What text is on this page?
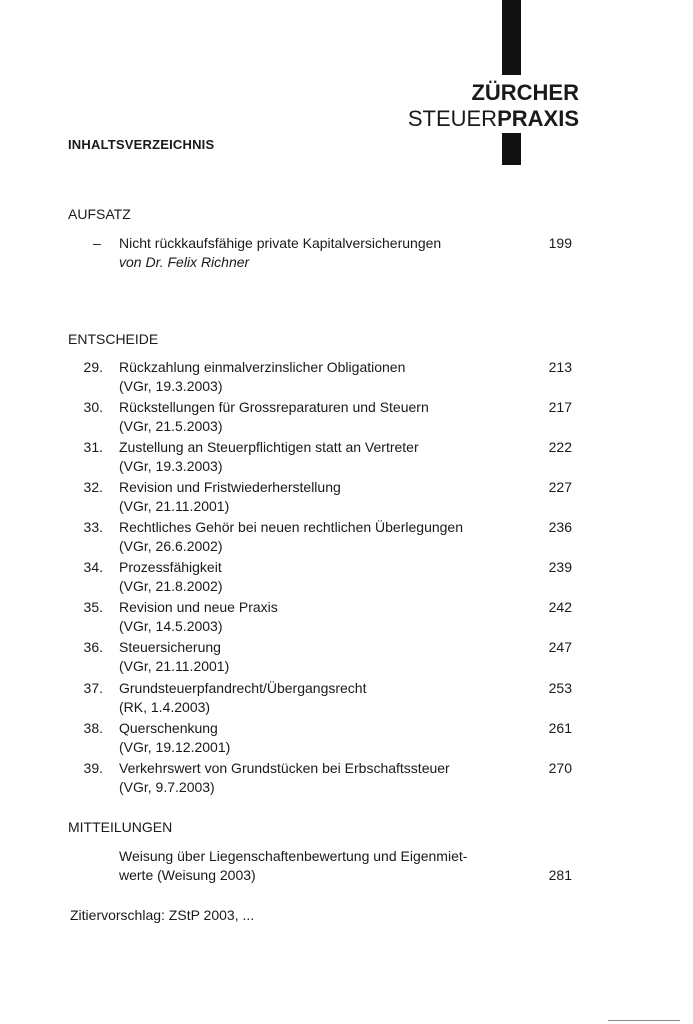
ZÜRCHER
STEUERPRAXIS
INHALTSVERZEICHNIS
AUFSATZ
– Nicht rückkaufsfähige private Kapitalversicherungen
von Dr. Felix Richner
199
ENTSCHEIDE
29. Rückzahlung einmalverzinslicher Obligationen
(VGr, 19.3.2003)
213
30. Rückstellungen für Grossreparaturen und Steuern
(VGr, 21.5.2003)
217
31. Zustellung an Steuerpflichtigen statt an Vertreter
(VGr, 19.3.2003)
222
32. Revision und Fristwiederherstellung
(VGr, 21.11.2001)
227
33. Rechtliches Gehör bei neuen rechtlichen Überlegungen
(VGr, 26.6.2002)
236
34. Prozessfähigkeit
(VGr, 21.8.2002)
239
35. Revision und neue Praxis
(VGr, 14.5.2003)
242
36. Steuersicherung
(VGr, 21.11.2001)
247
37. Grundsteuerpfandrecht/Übergangsrecht
(RK, 1.4.2003)
253
38. Querschenkung
(VGr, 19.12.2001)
261
39. Verkehrswert von Grundstücken bei Erbschaftssteuer
(VGr, 9.7.2003)
270
MITTEILUNGEN
Weisung über Liegenschaftenbewertung und Eigenmiet-
werte (Weisung 2003)	281
Zitiervorschlag: ZStP 2003, ...
